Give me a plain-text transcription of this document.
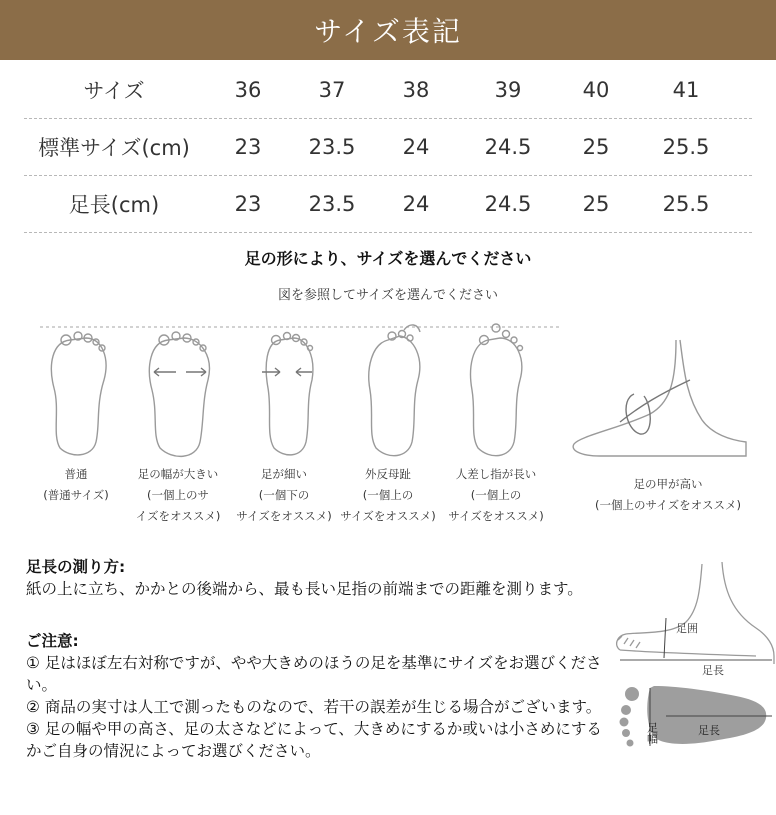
サイズ表記
サイズ	36	37	38	39	40	41
標準サイズ(cm) 23 23.5 24	24.5 25	25.5
足長(cm)	23 23.5 24	24.5 25	25.5
足の形により、サイズを選んでください
図を参照してサイズを選んでください
普通
(普通サイズ)
足の幅が大きい
(一個上のサ
イズをオススメ)
足が細い
(一個下の
サイズをオススメ)
外反母趾
(一個上の
サイズをオススメ)
人差し指が長い
(一個上の
サイズをオススメ)
足の甲が高い
(一個上のサイズをオススメ)
足長の測り方:
紙の上に立ち、かかとの後端から、最も長い足指の前端までの距離を測ります。
ご注意:
① 足はほぼ左右対称ですが、やや大きめのほうの足を基準にサイズをお選びください。
② 商品の実寸は人工で測ったものなので、若干の誤差が生じる場合がございます。
③ 足の幅や甲の高さ、足の太さなどによって、大きめにするか或いは小さめにするかご自身の情況によってお選びください。
足囲
足長
足幅	足長
